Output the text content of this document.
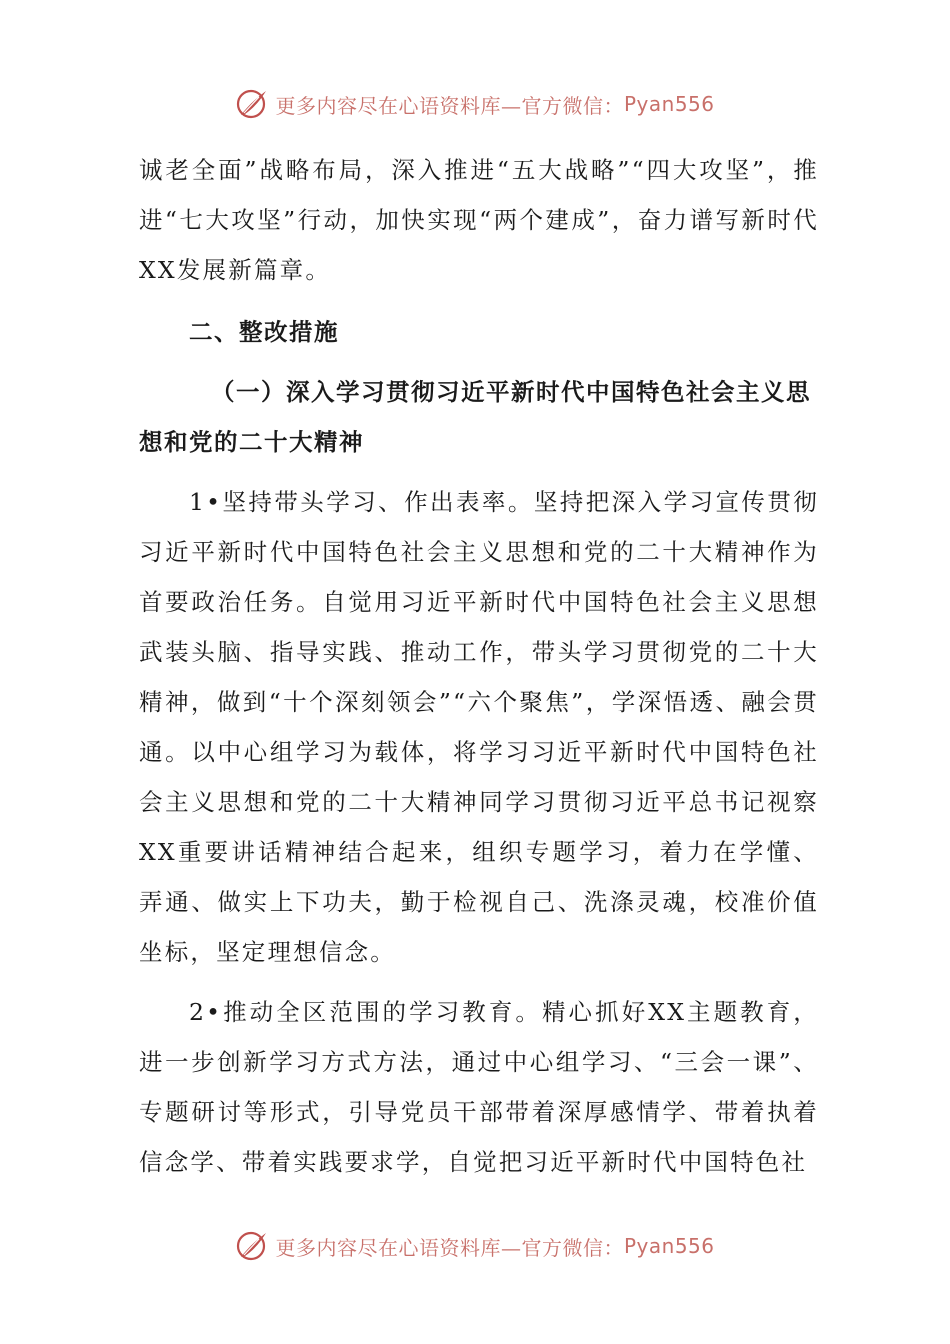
更多内容尽在心语资料库—官方微信： Pyan556

诚老全面”战略布局，深入推进“五大战略”“四大攻坚”，推进“七大攻坚”行动，加快实现“两个建成”，奋力谱写新时代XX发展新篇章。

二、整改措施
（一）深入学习贯彻习近平新时代中国特色社会主义思想和党的二十大精神

1•坚持带头学习、作出表率。坚持把深入学习宣传贯彻习近平新时代中国特色社会主义思想和党的二十大精神作为首要政治任务。自觉用习近平新时代中国特色社会主义思想武装头脑、指导实践、推动工作，带头学习贯彻党的二十大精神，做到“十个深刻领会”“六个聚焦”，学深悟透、融会贯通。以中心组学习为载体，将学习习近平新时代中国特色社会主义思想和党的二十大精神同学习贯彻习近平总书记视察XX重要讲话精神结合起来，组织专题学习，着力在学懂、弄通、做实上下功夫，勤于检视自己、洗涤灵魂，校准价值坐标，坚定理想信念。

2•推动全区范围的学习教育。精心抓好XX主题教育，进一步创新学习方式方法，通过中心组学习、“三会一课”、专题研讨等形式，引导党员干部带着深厚感情学、带着执着信念学、带着实践要求学，自觉把习近平新时代中国特色社

更多内容尽在心语资料库—官方微信： Pyan556
